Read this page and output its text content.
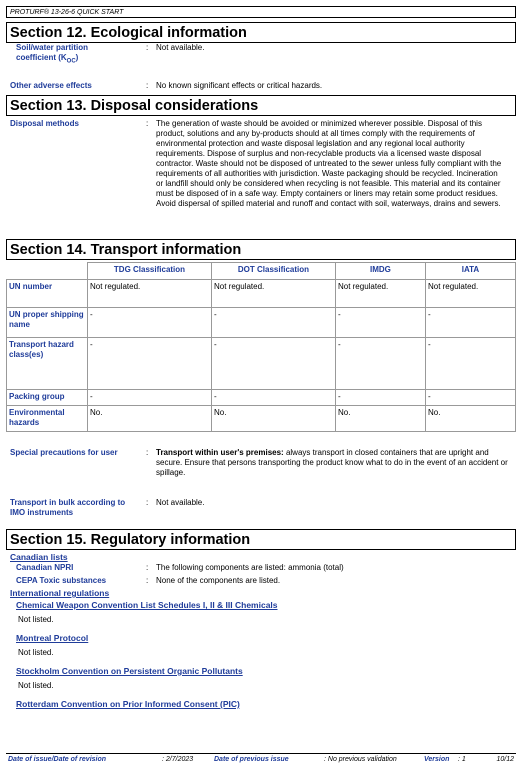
PROTURF® 13-26-6 QUICK START
Section 12. Ecological information
Soil/water partition
coefficient $(K_{OC})$
: Not available.
Other adverse effects	: No known significant effects or critical hazards.
Section 13. Disposal considerations
Disposal methods	: The generation of waste should be avoided or minimized wherever possible. Disposal of this product, solutions and any by-products should at all times comply with the requirements of environmental protection and waste disposal legislation and any regional local authority requirements. Dispose of surplus and non-recyclable products via a licensed waste disposal contractor. Waste should not be disposed of untreated to the sewer unless fully compliant with the requirements of all authorities with jurisdiction. Waste packaging should be recycled. Incineration or landfill should only be considered when recycling is not feasible. This material and its container must be disposed of in a safe way. Empty containers or liners may retain some product residues. Avoid dispersal of spilled material and runoff and contact with soil, waterways, drains and sewers.
Section 14. Transport information
	TDG Classification	DOT Classification	IMDG	IATA
UN number	Not regulated.	Not regulated.	Not regulated.	Not regulated.
UN proper shipping name	-	-	-	-
Transport hazard class(es)	-	-	-	-
Packing group	-	-	-	-
Environmental hazards	No.	No.	No.	No.
Special precautions for user	: Transport within user's premises: always transport in closed containers that are upright and secure. Ensure that persons transporting the product know what to do in the event of an accident or spillage.
Transport in bulk according to IMO instruments
: Not available.
Section 15. Regulatory information
Canadian lists
Canadian NPRI	: The following components are listed: ammonia (total)
CEPA Toxic substances	: None of the components are listed.
International regulations
Chemical Weapon Convention List Schedules I, II & III Chemicals
Not listed.
Montreal Protocol
Not listed.
Stockholm Convention on Persistent Organic Pollutants
Not listed.
Rotterdam Convention on Prior Informed Consent (PIC)
Date of issue/Date of revision	: 2/7/2023	Date of previous issue	: No previous validation	Version : 1	10/12
